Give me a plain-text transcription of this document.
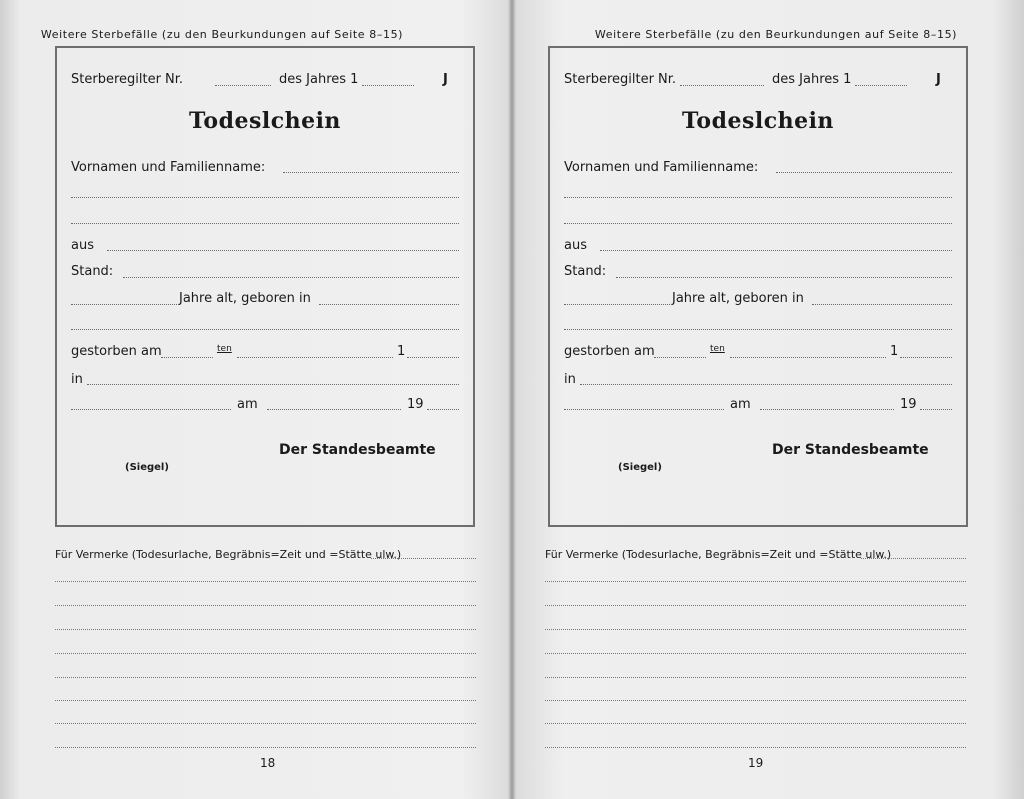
Weitere Sterbefälle (zu den Beurkundungen auf Seite 8–15)
Sterberegilter Nr.	des Jahres 1	J
Todeslchein
Vornamen und Familienname:
aus
Stand:
Jahre alt, geboren in
gestorben am	ten	1
in
am	19
Der Standesbeamte
(Siegel)
Für Vermerke (Todesurlache, Begräbnis=Zeit und =Stätte ulw.)
18
Weitere Sterbefälle (zu den Beurkundungen auf Seite 8–15)
Sterberegilter Nr.	des Jahres 1	J
Todeslchein
Vornamen und Familienname:
aus
Stand:
Jahre alt, geboren in
gestorben am	ten	1
in
am	19
Der Standesbeamte
(Siegel)
Für Vermerke (Todesurlache, Begräbnis=Zeit und =Stätte ulw.)
19
